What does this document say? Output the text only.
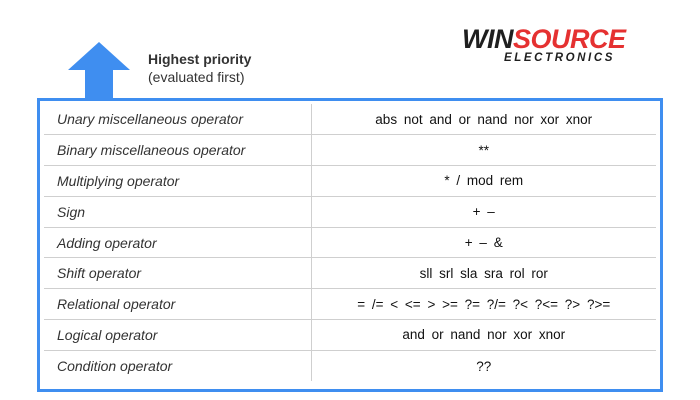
Highest priority
(evaluated first)
WINSOURCE
ELECTRONICS
Unary miscellaneous operator	abs not and or nand nor xor xnor
Binary miscellaneous operator	**
Multiplying operator	* / mod rem
Sign	+ –
Adding operator	+ – &
Shift operator	sll srl sla sra rol ror
Relational operator	= /= < <= > >= ?= ?/= ?< ?<= ?> ?>=
Logical operator	and or nand nor xor xnor
Condition operator	??
